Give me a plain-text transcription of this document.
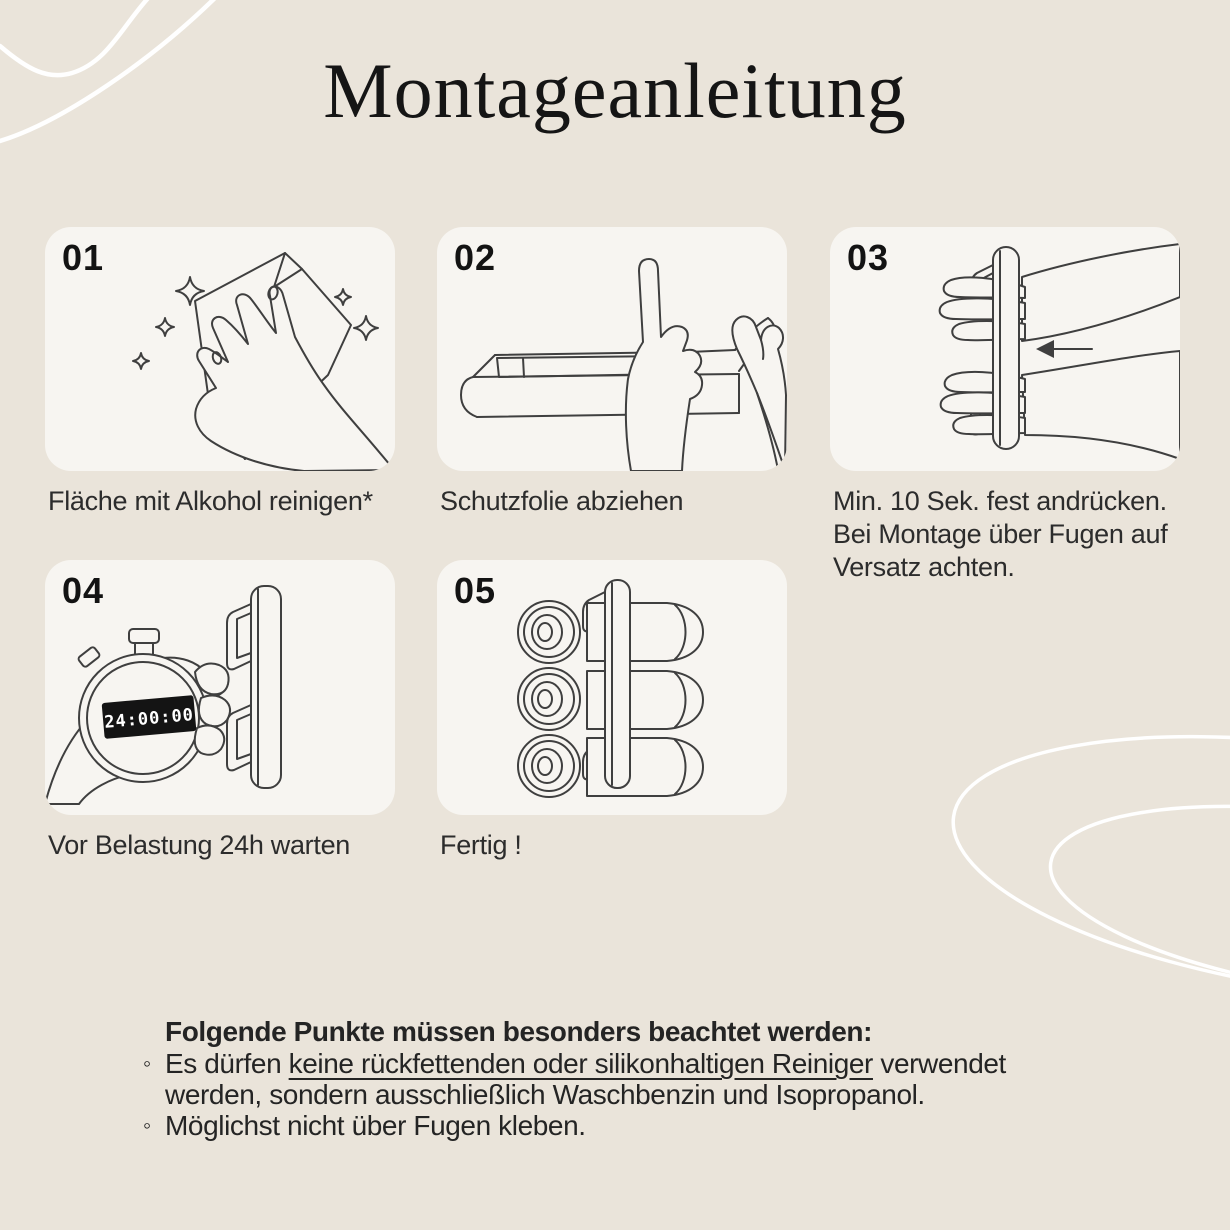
Montageanleitung
01

Fläche mit Alkohol reinigen*

02

Schutzfolie abziehen

03

Min. 10 Sek. fest andrücken. Bei Montage über Fugen auf Versatz achten.

04
24:00:00

Vor Belastung 24h warten

05

Fertig !

Folgende Punkte müssen besonders beachtet werden:

◦ Es dürfen keine rückfettenden oder silikonhaltigen Reiniger verwendet werden, sondern ausschließlich Waschbenzin und Isopropanol.

◦ Möglichst nicht über Fugen kleben.
